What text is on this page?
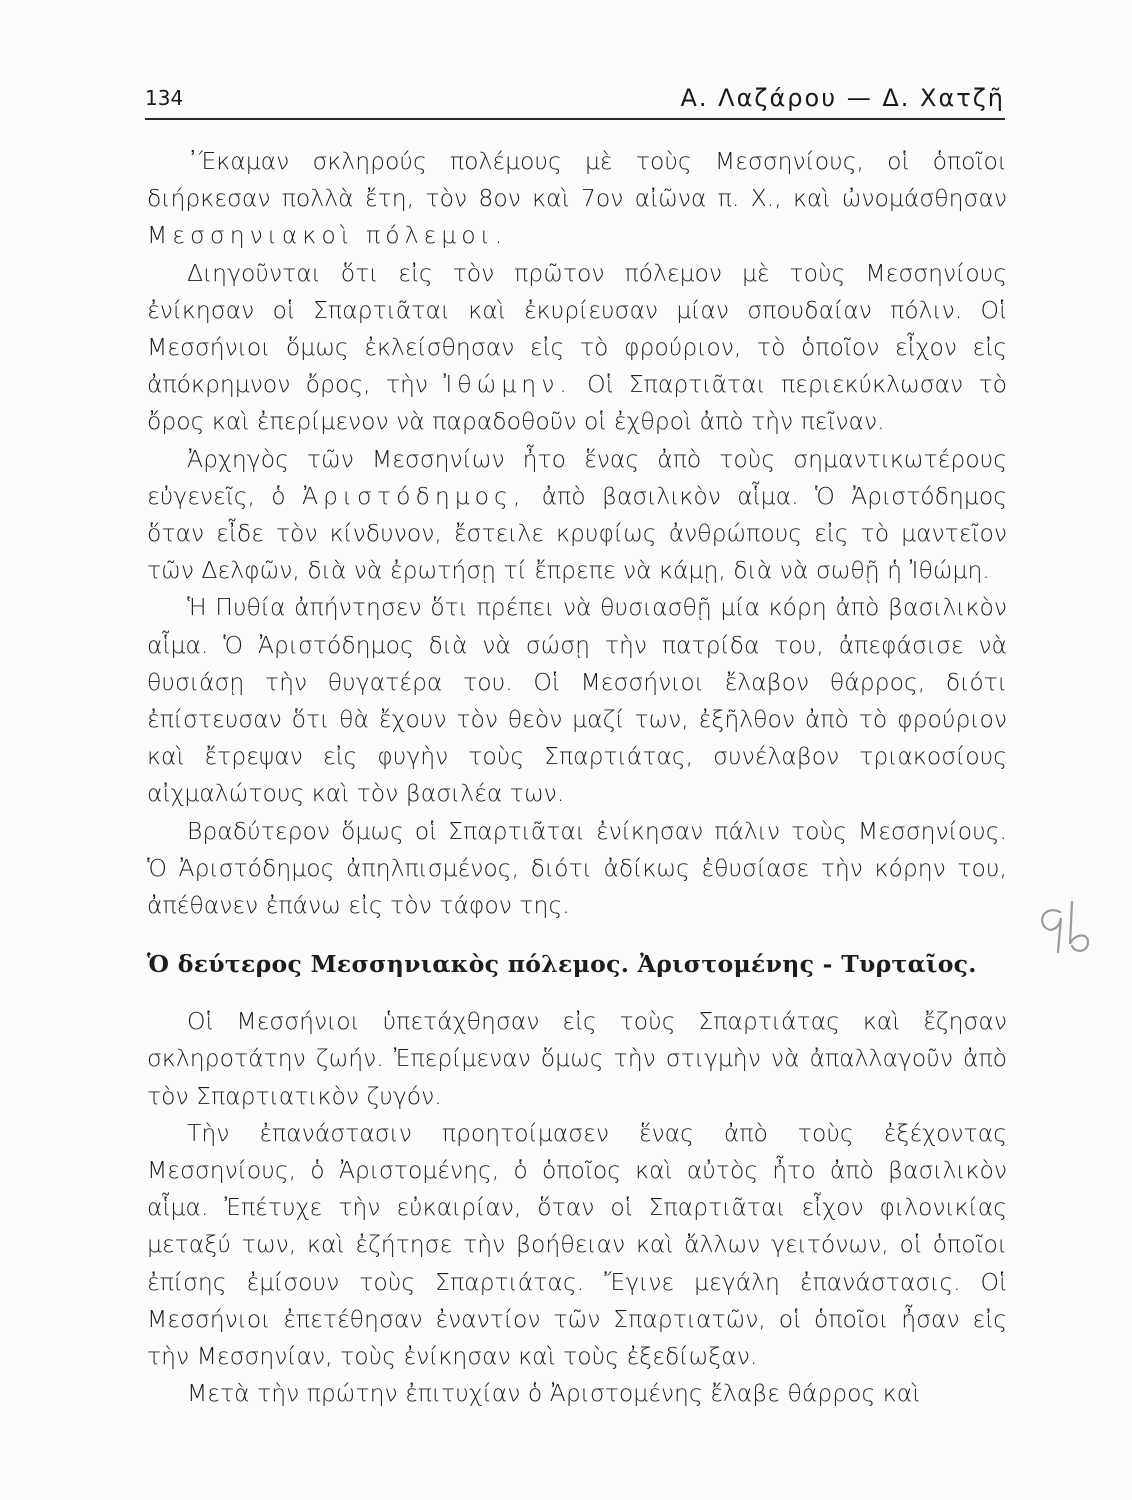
134	Α. Λαζάρου — Δ. Χατζῆ

᾿Έκαμαν σκληρούς πολέμους μὲ τοὺς Μεσσηνίους, οἱ ὁποῖοι διήρκεσαν πολλὰ ἔτη, τὸν 8ον καὶ 7ον αἰῶνα π. Χ., καὶ ὠνομάσθησαν Μεσσηνιακοὶ πόλεμοι.

Διηγοῦνται ὅτι εἰς τὸν πρῶτον πόλεμον μὲ τοὺς Μεσσηνίους ἐνίκησαν οἱ Σπαρτιᾶται καὶ ἐκυρίευσαν μίαν σπουδαίαν πόλιν. Οἱ Μεσσήνιοι ὅμως ἐκλείσθησαν εἰς τὸ φρούριον, τὸ ὁποῖον εἶχον εἰς ἀπόκρημνον ὄρος, τὴν Ἰθώμην. Οἱ Σπαρτιᾶται περιεκύκλωσαν τὸ ὄρος καὶ ἐπερίμενον νὰ παραδοθοῦν οἱ ἐχθροὶ ἀπὸ τὴν πεῖναν.

Ἀρχηγὸς τῶν Μεσσηνίων ἦτο ἕνας ἀπὸ τοὺς σημαντικωτέρους εὐγενεῖς, ὁ Ἀριστόδημος, ἀπὸ βασιλικὸν αἷμα. Ὁ Ἀριστόδημος ὅταν εἶδε τὸν κίνδυνον, ἔστειλε κρυφίως ἀνθρώπους εἰς τὸ μαντεῖον τῶν Δελφῶν, διὰ νὰ ἐρωτήσῃ τί ἔπρεπε νὰ κάμῃ, διὰ νὰ σωθῇ ἡ Ἰθώμη.

Ἡ Πυθία ἀπήντησεν ὅτι πρέπει νὰ θυσιασθῇ μία κόρη ἀπὸ βασιλικὸν αἷμα. Ὁ Ἀριστόδημος διὰ νὰ σώσῃ τὴν πατρίδα του, ἀπεφάσισε νὰ θυσιάσῃ τὴν θυγατέρα του. Οἱ Μεσσήνιοι ἔλαβον θάρρος, διότι ἐπίστευσαν ὅτι θὰ ἔχουν τὸν θεὸν μαζί των, ἐξῆλθον ἀπὸ τὸ φρούριον καὶ ἔτρεψαν εἰς φυγὴν τοὺς Σπαρτιάτας, συνέλαβον τριακοσίους αἰχμαλώτους καὶ τὸν βασιλέα των.

Βραδύτερον ὅμως οἱ Σπαρτιᾶται ἐνίκησαν πάλιν τοὺς Μεσσηνίους. Ὁ Ἀριστόδημος ἀπηλπισμένος, διότι ἀδίκως ἐθυσίασε τὴν κόρην του, ἀπέθανεν ἐπάνω εἰς τὸν τάφον της.

Ὁ δεύτερος Μεσσηνιακὸς πόλεμος. Ἀριστομένης - Τυρταῖος.

Οἱ Μεσσήνιοι ὑπετάχθησαν εἰς τοὺς Σπαρτιάτας καὶ ἔζησαν σκληροτάτην ζωήν. Ἐπερίμεναν ὅμως τὴν στιγμὴν νὰ ἀπαλλαγοῦν ἀπὸ τὸν Σπαρτιατικὸν ζυγόν.

Τὴν ἐπανάστασιν προητοίμασεν ἕνας ἀπὸ τοὺς ἐξέχοντας Μεσσηνίους, ὁ Ἀριστομένης, ὁ ὁποῖος καὶ αὐτὸς ἦτο ἀπὸ βασιλικὸν αἷμα. Ἐπέτυχε τὴν εὐκαιρίαν, ὅταν οἱ Σπαρτιᾶται εἶχον φιλονικίας μεταξύ των, καὶ ἐζήτησε τὴν βοήθειαν καὶ ἄλλων γειτόνων, οἱ ὁποῖοι ἐπίσης ἐμίσουν τοὺς Σπαρτιάτας. Ἔγινε μεγάλη ἐπανάστασις. Οἱ Μεσσήνιοι ἐπετέθησαν ἐναντίον τῶν Σπαρτιατῶν, οἱ ὁποῖοι ἦσαν εἰς τὴν Μεσσηνίαν, τοὺς ἐνίκησαν καὶ τοὺς ἐξεδίωξαν.

Μετὰ τὴν πρώτην ἐπιτυχίαν ὁ Ἀριστομένης ἔλαβε θάρρος καὶ
